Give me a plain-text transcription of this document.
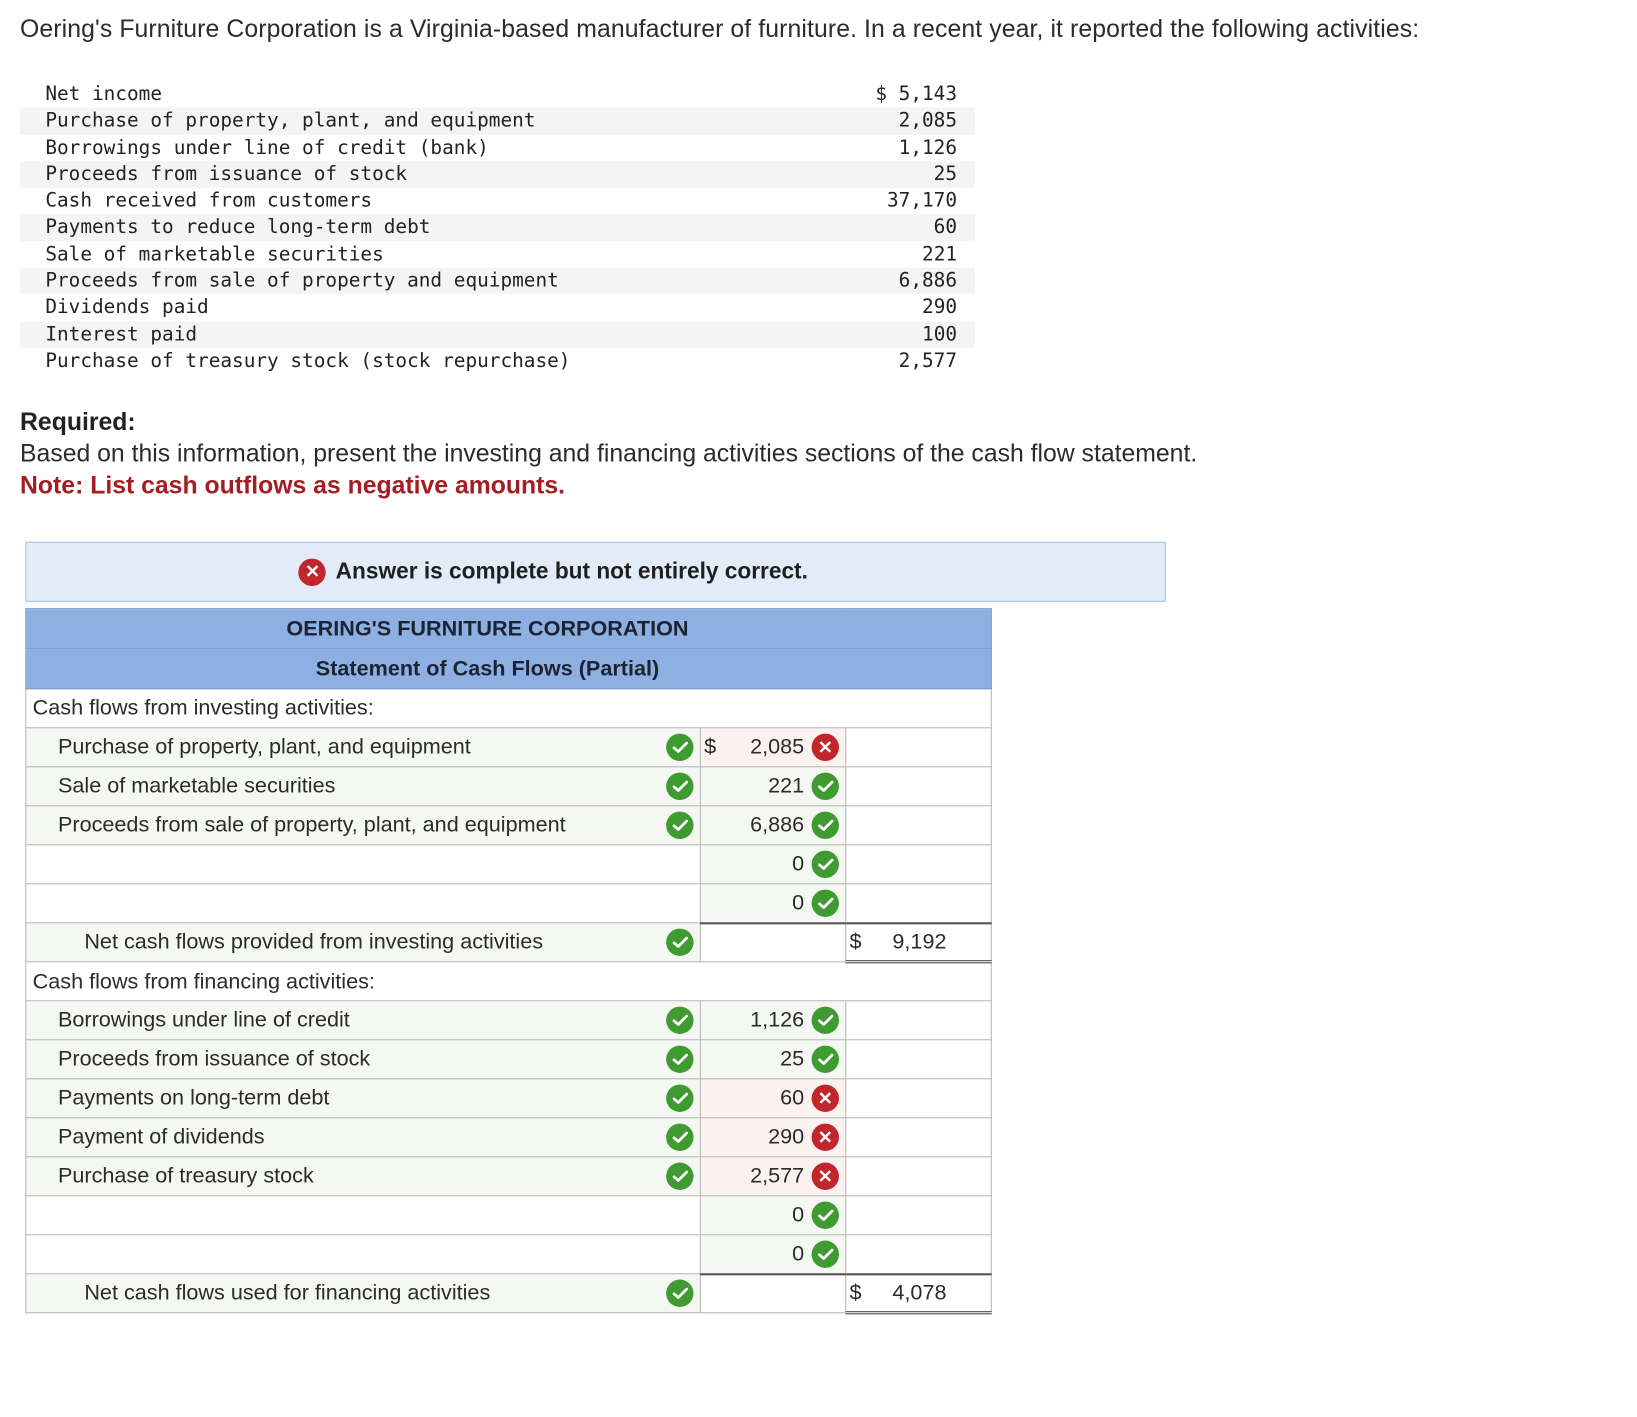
Oering's Furniture Corporation is a Virginia-based manufacturer of furniture. In a recent year, it reported the following activities:
Net income	$ 5,143
Purchase of property, plant, and equipment	2,085
Borrowings under line of credit (bank)	1,126
Proceeds from issuance of stock	25
Cash received from customers	37,170
Payments to reduce long-term debt	60
Sale of marketable securities	221
Proceeds from sale of property and equipment	6,886
Dividends paid	290
Interest paid	100
Purchase of treasury stock (stock repurchase)	2,577
Required:
Based on this information, present the investing and financing activities sections of the cash flow statement.
Note: List cash outflows as negative amounts.
✕ Answer is complete but not entirely correct.
OERING'S FURNITURE CORPORATION		
Statement of Cash Flows (Partial)		
Cash flows from investing activities:		

Purchase of property, plant, and equipment	$ 2,085 ✕	

Sale of marketable securities	221	

Proceeds from sale of property, plant, and equipment	6,886	

	0	

	0	

Net cash flows provided from investing activities		$ 9,192

Cash flows from financing activities:		

Borrowings under line of credit	1,126	

Proceeds from issuance of stock	25	

Payments on long-term debt	60 ✕	

Payment of dividends	290 ✕	

Purchase of treasury stock	2,577 ✕	

	0	

	0	

Net cash flows used for financing activities		$ 4,078
